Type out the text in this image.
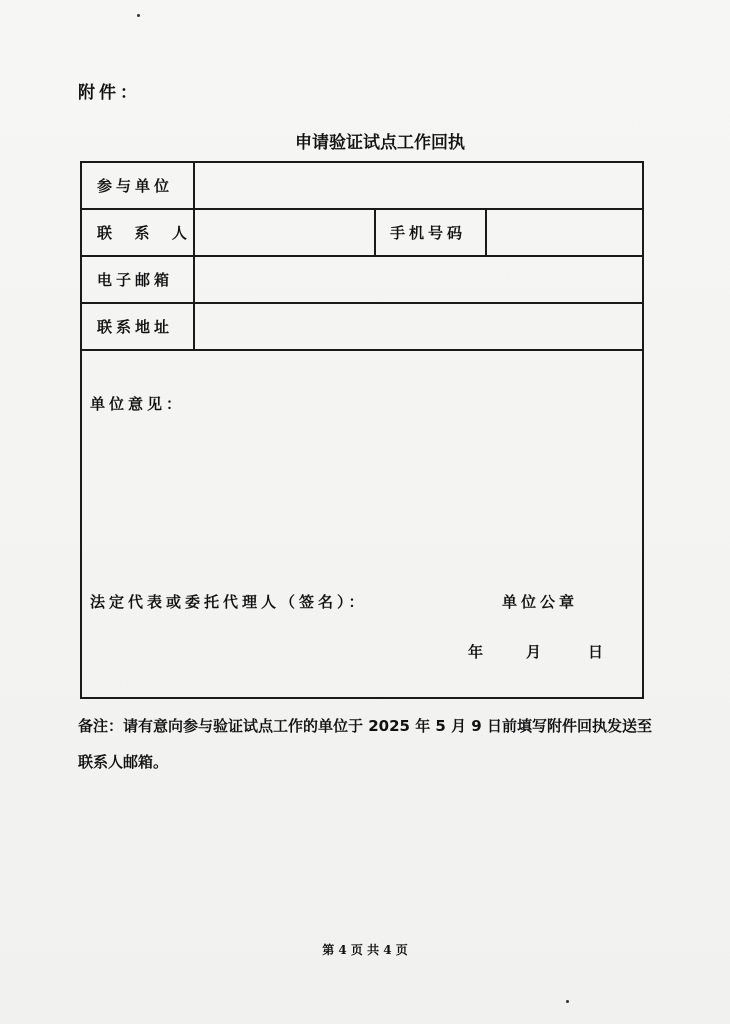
附件：
申请验证试点工作回执
参与单位
联  系  人	手机号码
电子邮箱
联系地址
单位意见：
法定代表或委托代理人（签名）：	单位公章
年	月	日
备注：请有意向参与验证试点工作的单位于 2025 年 5 月 9 日前填写附件回执发送至联系人邮箱。
第 4 页 共 4 页
